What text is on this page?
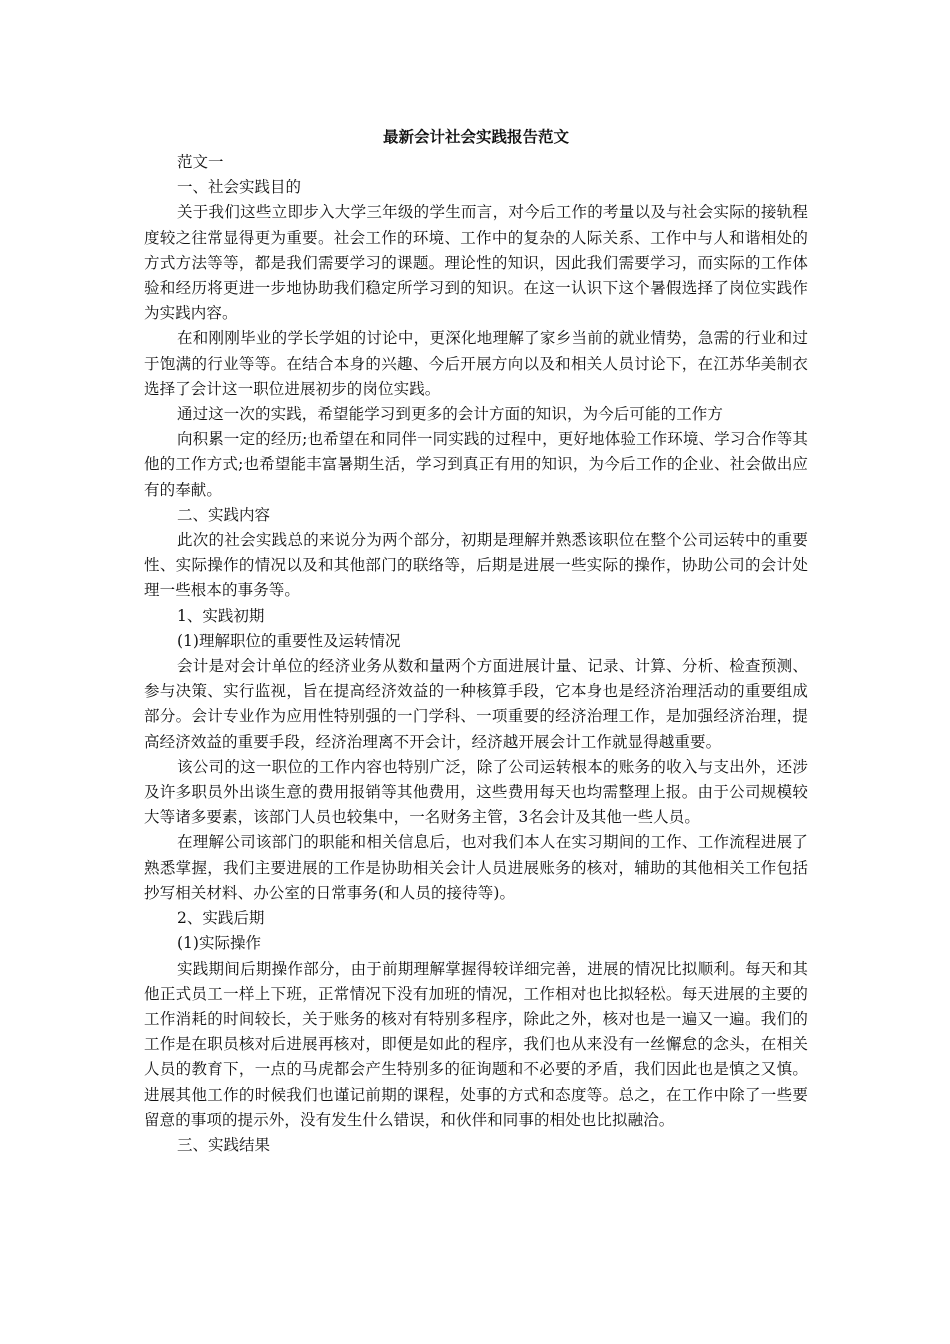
最新会计社会实践报告范文

范文一

一、社会实践目的

关于我们这些立即步入大学三年级的学生而言，对今后工作的考量以及与社会实际的接轨程度较之往常显得更为重要。社会工作的环境、工作中的复杂的人际关系、工作中与人和谐相处的方式方法等等，都是我们需要学习的课题。理论性的知识，因此我们需要学习，而实际的工作体验和经历将更进一步地协助我们稳定所学习到的知识。在这一认识下这个暑假选择了岗位实践作为实践内容。

在和刚刚毕业的学长学姐的讨论中，更深化地理解了家乡当前的就业情势，急需的行业和过于饱满的行业等等。在结合本身的兴趣、今后开展方向以及和相关人员讨论下，在江苏华美制衣选择了会计这一职位进展初步的岗位实践。

通过这一次的实践，希望能学习到更多的会计方面的知识，为今后可能的工作方

向积累一定的经历;也希望在和同伴一同实践的过程中，更好地体验工作环境、学习合作等其他的工作方式;也希望能丰富暑期生活，学习到真正有用的知识，为今后工作的企业、社会做出应有的奉献。

二、实践内容

此次的社会实践总的来说分为两个部分，初期是理解并熟悉该职位在整个公司运转中的重要性、实际操作的情况以及和其他部门的联络等，后期是进展一些实际的操作，协助公司的会计处理一些根本的事务等。

1、实践初期

(1)理解职位的重要性及运转情况

会计是对会计单位的经济业务从数和量两个方面进展计量、记录、计算、分析、检查预测、参与决策、实行监视，旨在提高经济效益的一种核算手段，它本身也是经济治理活动的重要组成部分。会计专业作为应用性特别强的一门学科、一项重要的经济治理工作，是加强经济治理，提高经济效益的重要手段，经济治理离不开会计，经济越开展会计工作就显得越重要。

该公司的这一职位的工作内容也特别广泛，除了公司运转根本的账务的收入与支出外，还涉及许多职员外出谈生意的费用报销等其他费用，这些费用每天也均需整理上报。由于公司规模较大等诸多要素，该部门人员也较集中，一名财务主管，3名会计及其他一些人员。

在理解公司该部门的职能和相关信息后，也对我们本人在实习期间的工作、工作流程进展了熟悉掌握，我们主要进展的工作是协助相关会计人员进展账务的核对，辅助的其他相关工作包括抄写相关材料、办公室的日常事务(和人员的接待等)。

2、实践后期

(1)实际操作

实践期间后期操作部分，由于前期理解掌握得较详细完善，进展的情况比拟顺利。每天和其他正式员工一样上下班，正常情况下没有加班的情况，工作相对也比拟轻松。每天进展的主要的工作消耗的时间较长，关于账务的核对有特别多程序，除此之外，核对也是一遍又一遍。我们的工作是在职员核对后进展再核对，即便是如此的程序，我们也从来没有一丝懈怠的念头，在相关人员的教育下，一点的马虎都会产生特别多的征询题和不必要的矛盾，我们因此也是慎之又慎。进展其他工作的时候我们也谨记前期的课程，处事的方式和态度等。总之，在工作中除了一些要留意的事项的提示外，没有发生什么错误，和伙伴和同事的相处也比拟融洽。

三、实践结果
